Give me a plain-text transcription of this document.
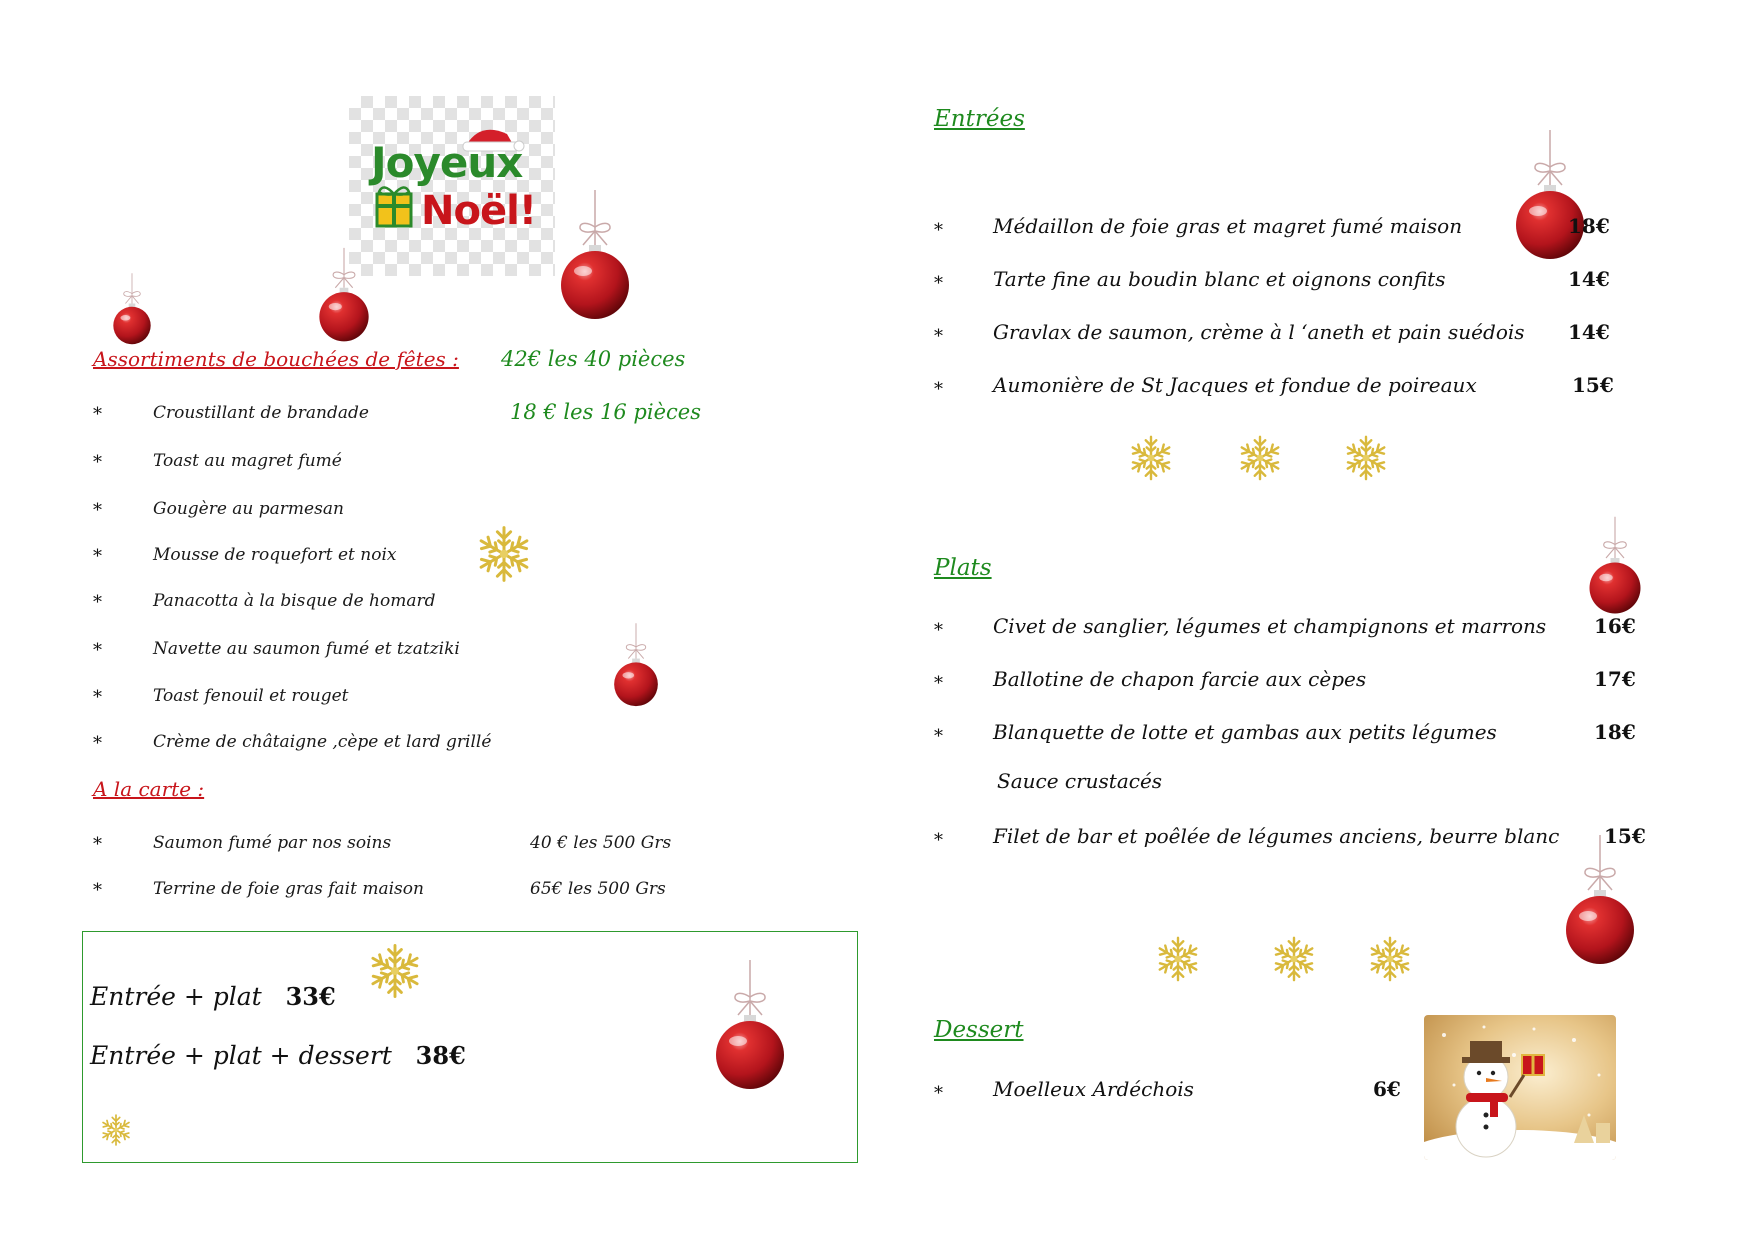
Joyeux
Noël!
Assortiments de bouchées de fêtes : 42€ les 40 pièces
*	Croustillant de brandade	18 € les 16 pièces
*	Toast au magret fumé
*	Gougère au parmesan
*	Mousse de roquefort et noix
*	Panacotta à la bisque de homard
*	Navette au saumon fumé et tzatziki
*	Toast fenouil et rouget
*	Crème de châtaigne ,cèpe et lard grillé
A la carte :
*	Saumon fumé par nos soins	40 € les 500 Grs
*	Terrine de foie gras fait maison	65€ les 500 Grs
Entrée + plat 33€
Entrée + plat + dessert 38€
Entrées
*	Médaillon de foie gras et magret fumé maison	18€
*	Tarte fine au boudin blanc et oignons confits	14€
*	Gravlax de saumon, crème à l ‘aneth et pain suédois 14€
*	Aumonière de St Jacques et fondue de poireaux	15€
Plats
*	Civet de sanglier, légumes et champignons et marrons 16€
*	Ballotine de chapon farcie aux cèpes	17€
*	Blanquette de lotte et gambas aux petits légumes	18€
Sauce crustacés
*	Filet de bar et poêlée de légumes anciens, beurre blanc 15€
Dessert
*	Moelleux Ardéchois	6€
